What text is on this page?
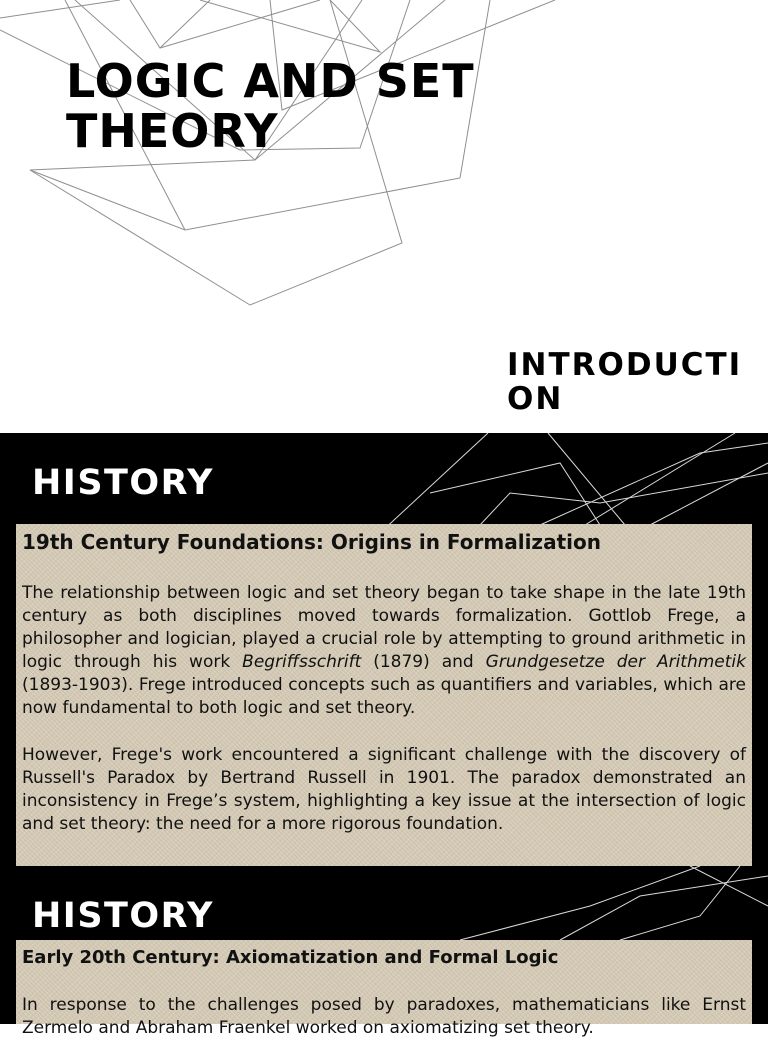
LOGIC AND SET THEORY
INTRODUCTION
HISTORY
19th Century Foundations: Origins in Formalization

The relationship between logic and set theory began to take shape in the late 19th century as both disciplines moved towards formalization. Gottlob Frege, a philosopher and logician, played a crucial role by attempting to ground arithmetic in logic through his work Begriffsschrift (1879) and Grundgesetze der Arithmetik (1893-1903). Frege introduced concepts such as quantifiers and variables, which are now fundamental to both logic and set theory.

However, Frege's work encountered a significant challenge with the discovery of Russell's Paradox by Bertrand Russell in 1901. The paradox demonstrated an inconsistency in Frege’s system, highlighting a key issue at the intersection of logic and set theory: the need for a more rigorous foundation.

HISTORY
Early 20th Century: Axiomatization and Formal Logic

In response to the challenges posed by paradoxes, mathematicians like Ernst Zermelo and Abraham Fraenkel worked on axiomatizing set theory.
